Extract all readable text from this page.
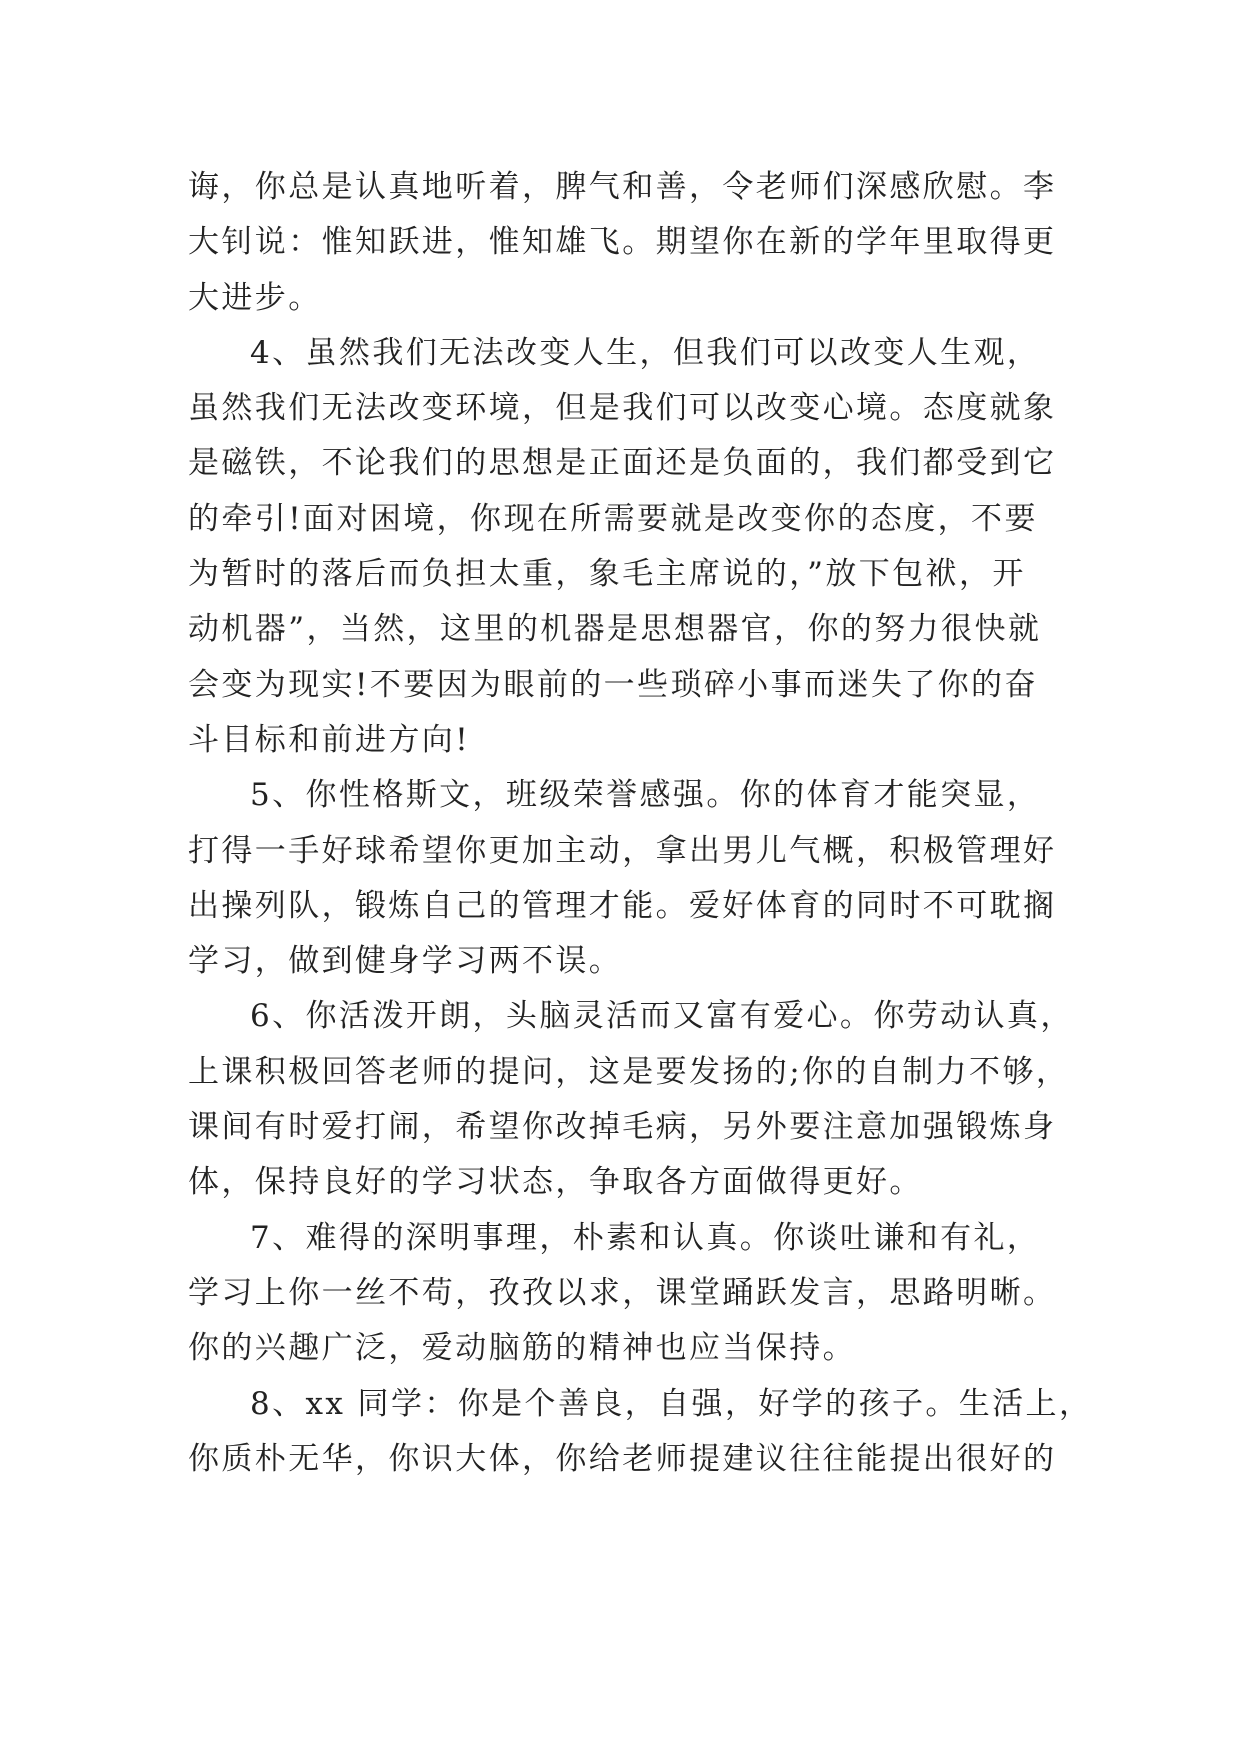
诲，你总是认真地听着，脾气和善，令老师们深感欣慰。李
大钊说：惟知跃进，惟知雄飞。期望你在新的学年里取得更
大进步。

4、虽然我们无法改变人生，但我们可以改变人生观，
虽然我们无法改变环境，但是我们可以改变心境。态度就象
是磁铁，不论我们的思想是正面还是负面的，我们都受到它
的牵引!面对困境，你现在所需要就是改变你的态度，不要
为暂时的落后而负担太重，象毛主席说的，”放下包袱，开
动机器”，当然，这里的机器是思想器官，你的努力很快就
会变为现实!不要因为眼前的一些琐碎小事而迷失了你的奋
斗目标和前进方向!

5、你性格斯文，班级荣誉感强。你的体育才能突显，
打得一手好球希望你更加主动，拿出男儿气概，积极管理好
出操列队，锻炼自己的管理才能。爱好体育的同时不可耽搁
学习，做到健身学习两不误。

6、你活泼开朗，头脑灵活而又富有爱心。你劳动认真，
上课积极回答老师的提问，这是要发扬的;你的自制力不够，
课间有时爱打闹，希望你改掉毛病，另外要注意加强锻炼身
体，保持良好的学习状态，争取各方面做得更好。

7、难得的深明事理，朴素和认真。你谈吐谦和有礼，
学习上你一丝不苟，孜孜以求，课堂踊跃发言，思路明晰。
你的兴趣广泛，爱动脑筋的精神也应当保持。

8、xx 同学：你是个善良，自强，好学的孩子。生活上，
你质朴无华，你识大体，你给老师提建议往往能提出很好的
